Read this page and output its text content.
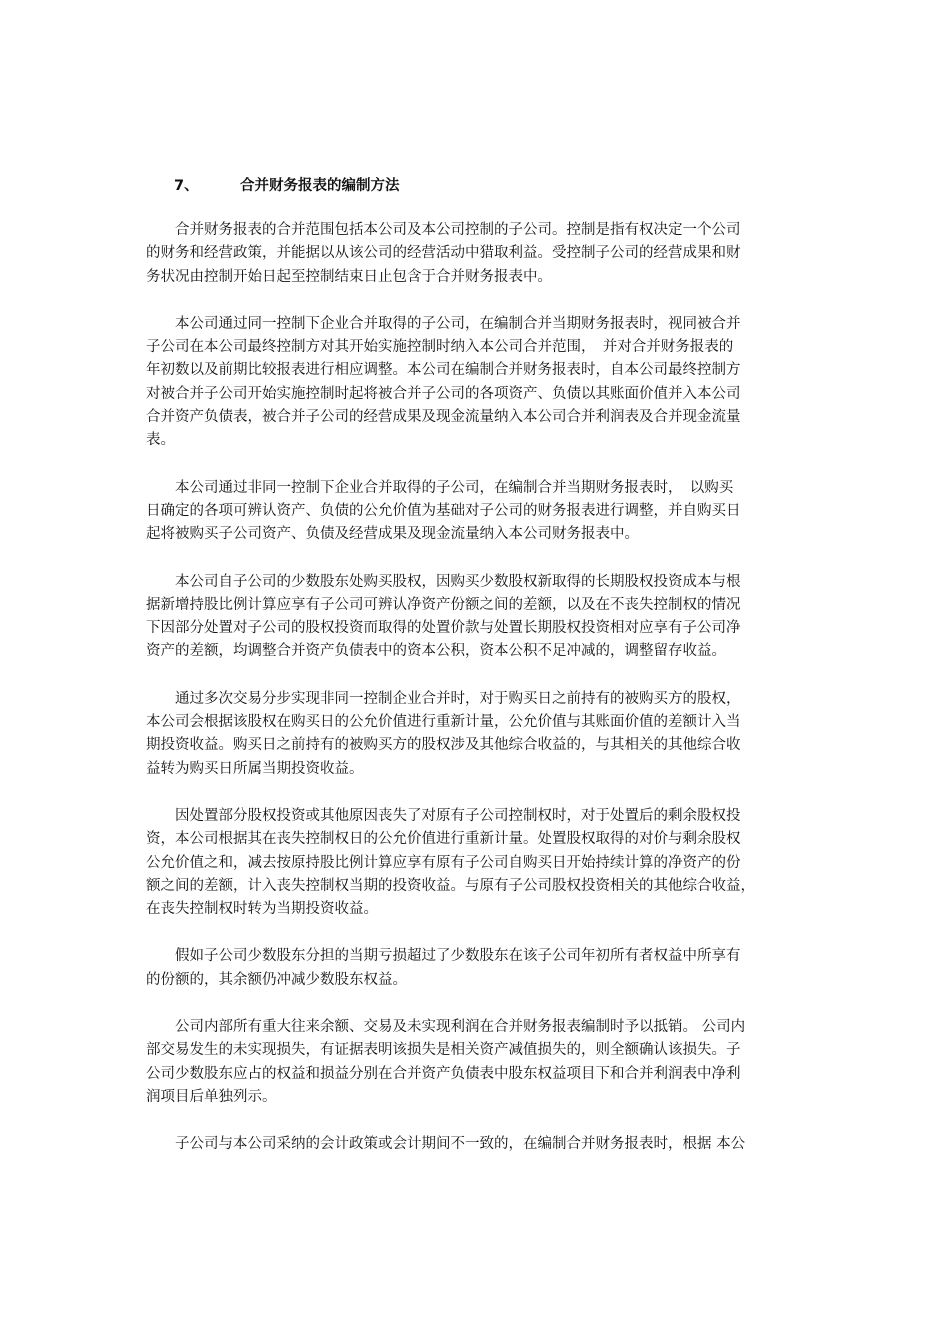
7、	合并财务报表的编制方法
合并财务报表的合并范围包括本公司及本公司控制的子公司。控制是指有权决定一个公司
的财务和经营政策，并能据以从该公司的经营活动中猎取利益。受控制子公司的经营成果和财
务状况由控制开始日起至控制结束日止包含于合并财务报表中。
本公司通过同一控制下企业合并取得的子公司，在编制合并当期财务报表时，视同被合并
子公司在本公司最终控制方对其开始实施控制时纳入本公司合并范围，　并对合并财务报表的
年初数以及前期比较报表进行相应调整。本公司在编制合并财务报表时，自本公司最终控制方
对被合并子公司开始实施控制时起将被合并子公司的各项资产、负债以其账面价值并入本公司
合并资产负债表，被合并子公司的经营成果及现金流量纳入本公司合并利润表及合并现金流量
表。
本公司通过非同一控制下企业合并取得的子公司，在编制合并当期财务报表时，　以购买
日确定的各项可辨认资产、负债的公允价值为基础对子公司的财务报表进行调整，并自购买日
起将被购买子公司资产、负债及经营成果及现金流量纳入本公司财务报表中。
本公司自子公司的少数股东处购买股权，因购买少数股权新取得的长期股权投资成本与根
据新增持股比例计算应享有子公司可辨认净资产份额之间的差额，以及在不丧失控制权的情况
下因部分处置对子公司的股权投资而取得的处置价款与处置长期股权投资相对应享有子公司净
资产的差额，均调整合并资产负债表中的资本公积，资本公积不足冲减的，调整留存收益。
通过多次交易分步实现非同一控制企业合并时，对于购买日之前持有的被购买方的股权，
本公司会根据该股权在购买日的公允价值进行重新计量，公允价值与其账面价值的差额计入当
期投资收益。购买日之前持有的被购买方的股权涉及其他综合收益的，与其相关的其他综合收
益转为购买日所属当期投资收益。
因处置部分股权投资或其他原因丧失了对原有子公司控制权时，对于处置后的剩余股权投
资，本公司根据其在丧失控制权日的公允价值进行重新计量。处置股权取得的对价与剩余股权
公允价值之和，减去按原持股比例计算应享有原有子公司自购买日开始持续计算的净资产的份
额之间的差额，计入丧失控制权当期的投资收益。与原有子公司股权投资相关的其他综合收益，
在丧失控制权时转为当期投资收益。
假如子公司少数股东分担的当期亏损超过了少数股东在该子公司年初所有者权益中所享有
的份额的，其余额仍冲减少数股东权益。
公司内部所有重大往来余额、交易及未实现利润在合并财务报表编制时予以抵销。 公司内
部交易发生的未实现损失，有证据表明该损失是相关资产减值损失的，则全额确认该损失。子
公司少数股东应占的权益和损益分别在合并资产负债表中股东权益项目下和合并利润表中净利
润项目后单独列示。
子公司与本公司采纳的会计政策或会计期间不一致的，在编制合并财务报表时，根据 本公
